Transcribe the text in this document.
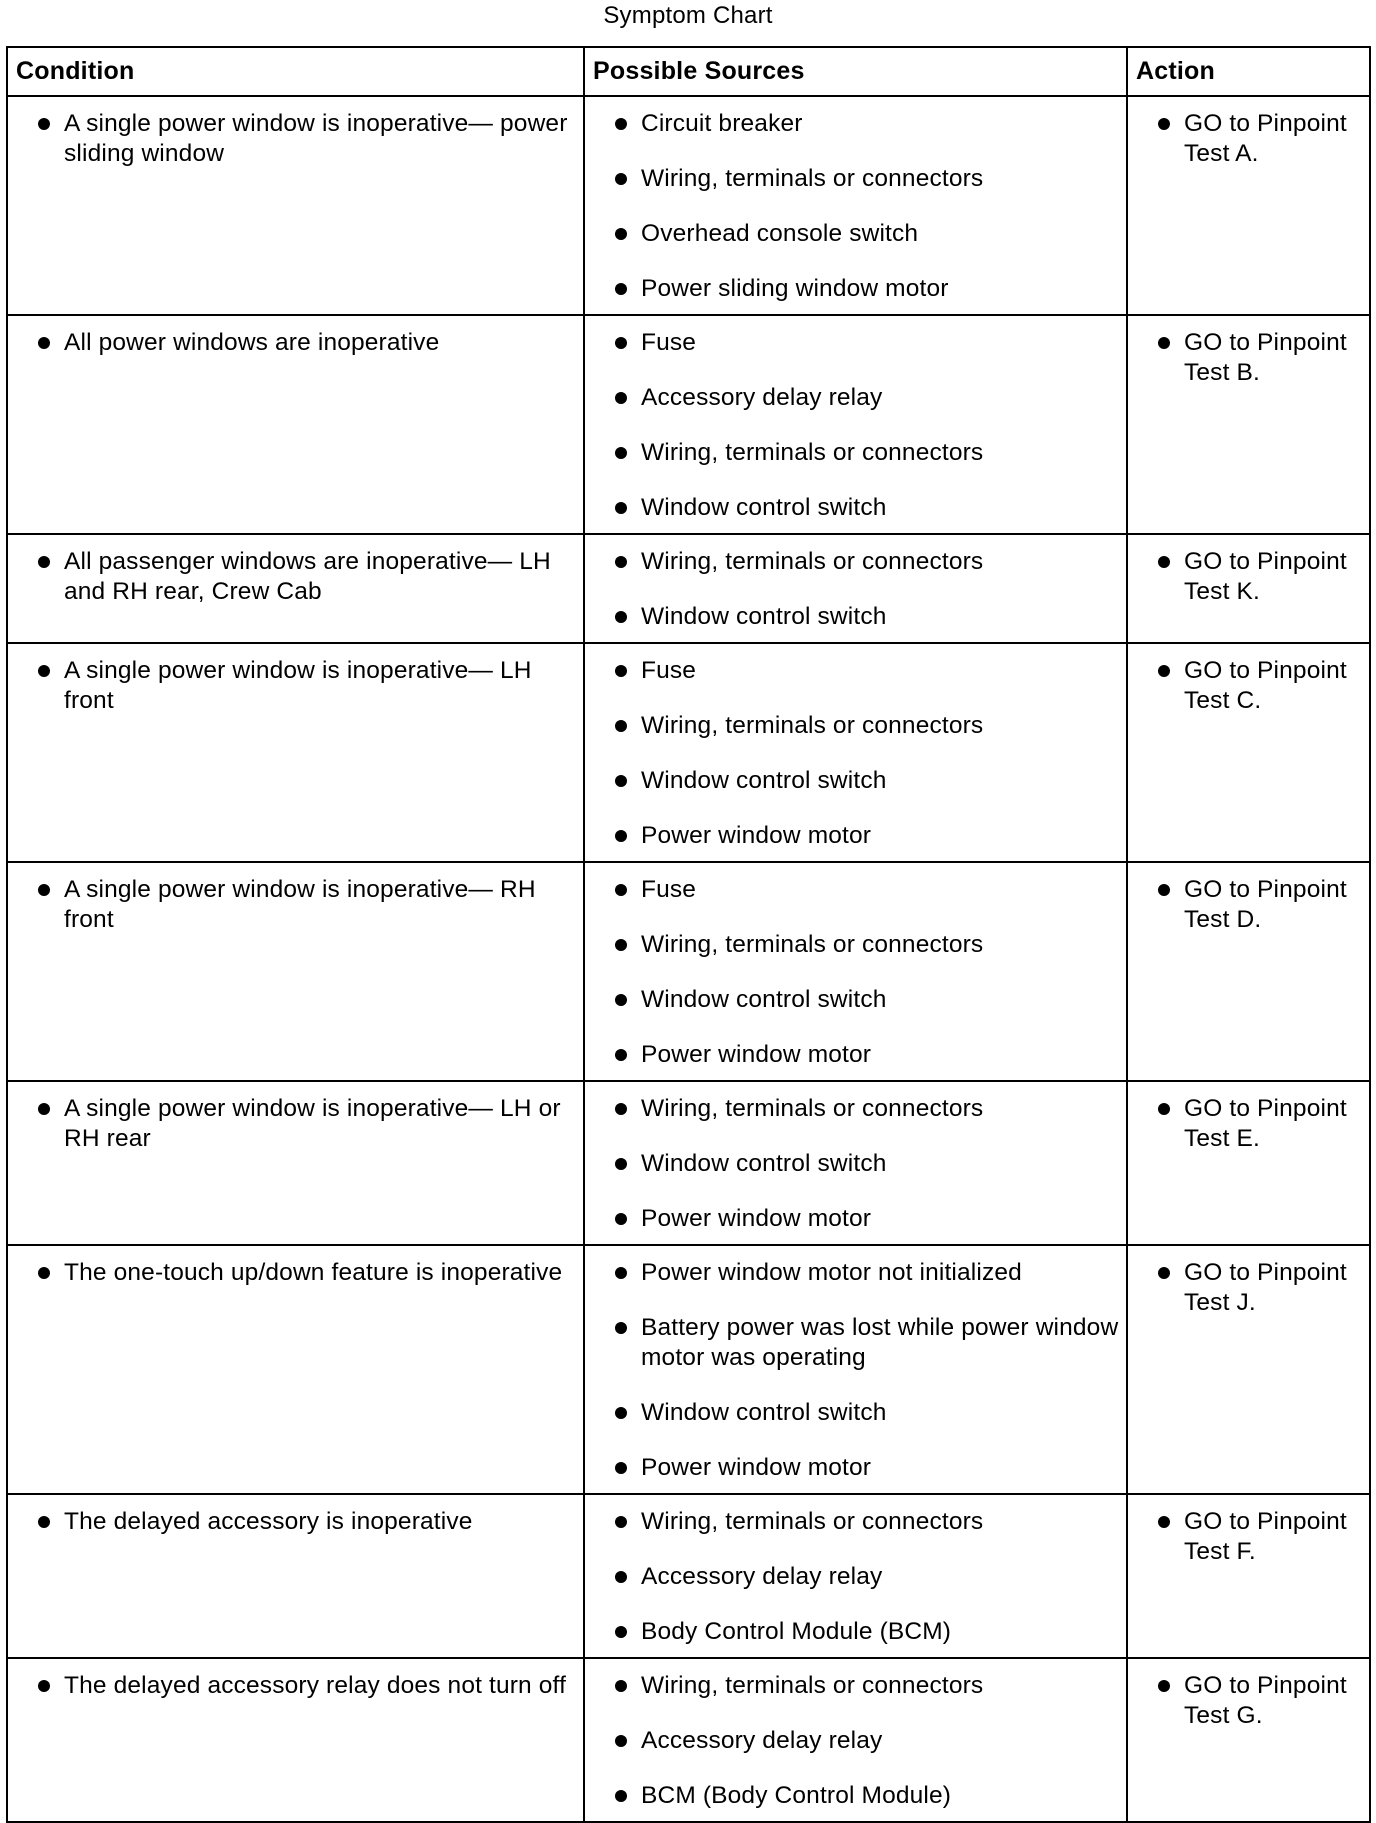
Symptom Chart
Condition	Possible Sources	Action

A single power window is inoperative— power sliding window	Circuit breaker
Wiring, terminals or connectors
Overhead console switch
Power sliding window motor	GO to Pinpoint Test A.

All power windows are inoperative	Fuse
Accessory delay relay
Wiring, terminals or connectors
Window control switch	GO to Pinpoint Test B.

All passenger windows are inoperative— LH and RH rear, Crew Cab	Wiring, terminals or connectors
Window control switch	GO to Pinpoint Test K.

A single power window is inoperative— LH front	Fuse
Wiring, terminals or connectors
Window control switch
Power window motor	GO to Pinpoint Test C.

A single power window is inoperative— RH front	Fuse
Wiring, terminals or connectors
Window control switch
Power window motor	GO to Pinpoint Test D.

A single power window is inoperative— LH or RH rear	Wiring, terminals or connectors
Window control switch
Power window motor	GO to Pinpoint Test E.

The one-touch up/down feature is inoperative	Power window motor not initialized
Battery power was lost while power window motor was operating
Window control switch
Power window motor	GO to Pinpoint Test J.

The delayed accessory is inoperative	Wiring, terminals or connectors
Accessory delay relay
Body Control Module (BCM)	GO to Pinpoint Test F.

The delayed accessory relay does not turn off	Wiring, terminals or connectors
Accessory delay relay
BCM (Body Control Module)	GO to Pinpoint Test G.
